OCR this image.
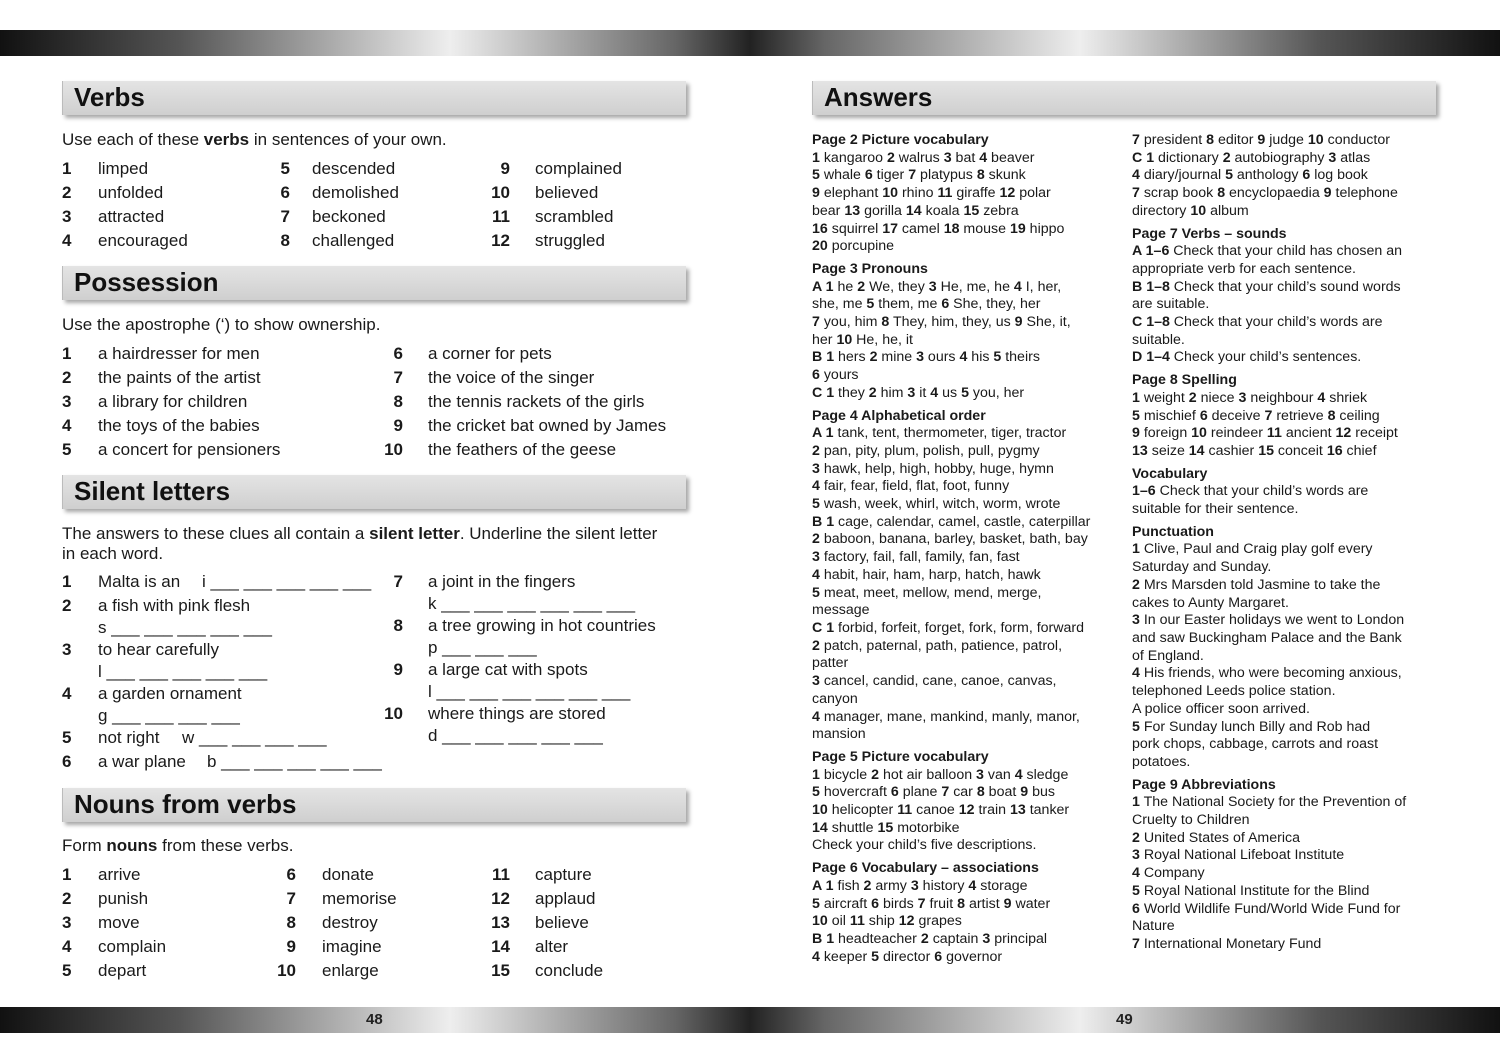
48	49
Verbs
Use each of these verbs in sentences of your own.
1	limped
2	unfolded
3	attracted
4	encouraged
5 descended
6 demolished
7 beckoned
8 challenged
9 complained
10 believed
11 scrambled
12 struggled
Possession
Use the apostrophe (‘) to show ownership.
1	a hairdresser for men
2	the paints of the artist
3	a library for children
4	the toys of the babies
5	a concert for pensioners
6 a corner for pets
7 the voice of the singer
8 the tennis rackets of the girls
9 the cricket bat owned by James
10 the feathers of the geese
Silent letters
The answers to these clues all contain a silent letter. Underline the silent letter
in each word.
1 Malta is an i ___ ___ ___ ___ ___
2 a fish with pink flesh
s ___ ___ ___ ___ ___
3 to hear carefully
l ___ ___ ___ ___ ___
4 a garden ornament
g ___ ___ ___ ___
5 not right w ___ ___ ___ ___
6 a war plane b ___ ___ ___ ___ ___
7 a joint in the fingers
k ___ ___ ___ ___ ___ ___
8 a tree growing in hot countries
p ___ ___ ___
9 a large cat with spots
l ___ ___ ___ ___ ___ ___
10 where things are stored
d ___ ___ ___ ___ ___
Nouns from verbs
Form nouns from these verbs.
1	arrive
2	punish
3	move
4	complain
5	depart
6 donate
7 memorise
8 destroy
9 imagine
10 enlarge
11 capture
12 applaud
13 believe
14 alter
15 conclude
Answers
Page 2 Picture vocabulary
1 kangaroo 2 walrus 3 bat 4 beaver
5 whale 6 tiger 7 platypus 8 skunk
9 elephant 10 rhino 11 giraffe 12 polar
bear 13 gorilla 14 koala 15 zebra
16 squirrel 17 camel 18 mouse 19 hippo
20 porcupine
Page 3 Pronouns
A 1 he 2 We, they 3 He, me, he 4 I, her,
she, me 5 them, me 6 She, they, her
7 you, him 8 They, him, they, us 9 She, it,
her 10 He, he, it
B 1 hers 2 mine 3 ours 4 his 5 theirs
6 yours
C 1 they 2 him 3 it 4 us 5 you, her
Page 4 Alphabetical order
A 1 tank, tent, thermometer, tiger, tractor
2 pan, pity, plum, polish, pull, pygmy
3 hawk, help, high, hobby, huge, hymn
4 fair, fear, field, flat, foot, funny
5 wash, week, whirl, witch, worm, wrote
B 1 cage, calendar, camel, castle, caterpillar
2 baboon, banana, barley, basket, bath, bay
3 factory, fail, fall, family, fan, fast
4 habit, hair, ham, harp, hatch, hawk
5 meat, meet, mellow, mend, merge,
message
C 1 forbid, forfeit, forget, fork, form, forward
2 patch, paternal, path, patience, patrol,
patter
3 cancel, candid, cane, canoe, canvas,
canyon
4 manager, mane, mankind, manly, manor,
mansion
Page 5 Picture vocabulary
1 bicycle 2 hot air balloon 3 van 4 sledge
5 hovercraft 6 plane 7 car 8 boat 9 bus
10 helicopter 11 canoe 12 train 13 tanker
14 shuttle 15 motorbike
Check your child’s five descriptions.
Page 6 Vocabulary – associations
A 1 fish 2 army 3 history 4 storage
5 aircraft 6 birds 7 fruit 8 artist 9 water
10 oil 11 ship 12 grapes
B 1 headteacher 2 captain 3 principal
4 keeper 5 director 6 governor
7 president 8 editor 9 judge 10 conductor
C 1 dictionary 2 autobiography 3 atlas
4 diary/journal 5 anthology 6 log book
7 scrap book 8 encyclopaedia 9 telephone
directory 10 album
Page 7 Verbs – sounds
A 1–6 Check that your child has chosen an
appropriate verb for each sentence.
B 1–8 Check that your child’s sound words
are suitable.
C 1–8 Check that your child’s words are
suitable.
D 1–4 Check your child’s sentences.
Page 8 Spelling
1 weight 2 niece 3 neighbour 4 shriek
5 mischief 6 deceive 7 retrieve 8 ceiling
9 foreign 10 reindeer 11 ancient 12 receipt
13 seize 14 cashier 15 conceit 16 chief
Vocabulary
1–6 Check that your child’s words are
suitable for their sentence.
Punctuation
1 Clive, Paul and Craig play golf every
Saturday and Sunday.
2 Mrs Marsden told Jasmine to take the
cakes to Aunty Margaret.
3 In our Easter holidays we went to London
and saw Buckingham Palace and the Bank
of England.
4 His friends, who were becoming anxious,
telephoned Leeds police station.
A police officer soon arrived.
5 For Sunday lunch Billy and Rob had
pork chops, cabbage, carrots and roast
potatoes.
Page 9 Abbreviations
1 The National Society for the Prevention of
Cruelty to Children
2 United States of America
3 Royal National Lifeboat Institute
4 Company
5 Royal National Institute for the Blind
6 World Wildlife Fund/World Wide Fund for
Nature
7 International Monetary Fund
